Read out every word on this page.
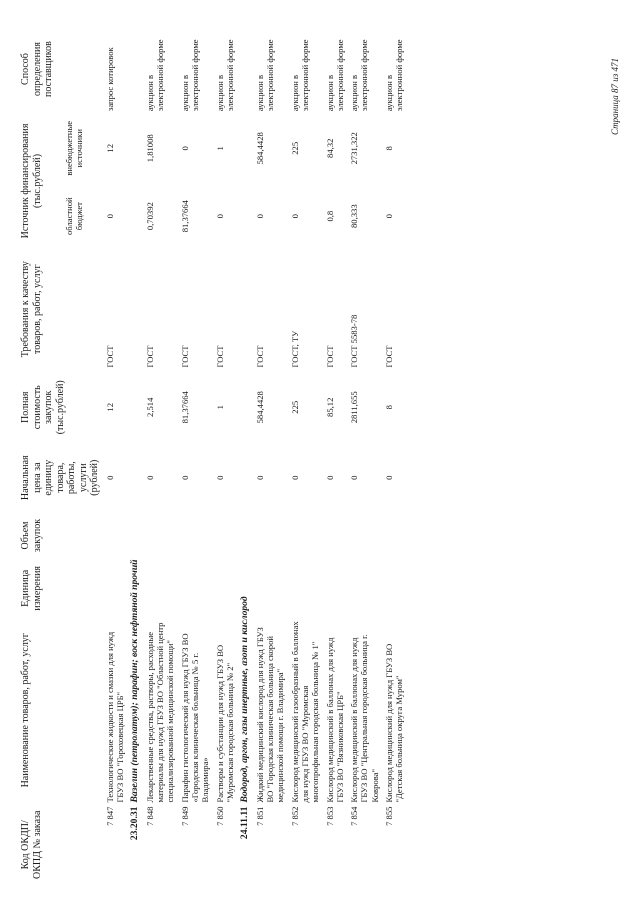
Код ОКДП/ ОКПД № заказа	Наименование товаров, работ, услуг	Единица измерения	Объем закупок	Начальная цена за единицу товара, работы, услуги (рублей)	Полная стоимость закупок (тыс.рублей)	Требования к качеству товаров, работ, услуг	Источник финансирования (тыс.рублей)		Способ определения поставщиков
							областной бюджет	внебюджетные источники	
7 847	Технологические жидкости и смазки для нужд ГБУЗ ВО "Гороховецкая ЦРБ"			0	12	ГОСТ	0	12	запрос котировок
23.20.31	Вазелин (петролатум); парафин; воск нефтяной прочий								
7 848	Лекарственные средства, растворы, расходные материалы для нужд ГБУЗ ВО "Областной центр специализированной медицинской помощи"			0	2,514	ГОСТ	0,70392	1,81008	аукцион в электронной форме
7 849	Парафин гистологический для нужд ГБУЗ ВО «Городская клиническая больница № 5 г. Владимира»			0	81,37664	ГОСТ	81,37664	0	аукцион в электронной форме
7 850	Растворы и субстанции для нужд ГБУЗ ВО "Муромская городская больница № 2"			0	1	ГОСТ	0	1	аукцион в электронной форме
24.11.11	Водород, аргон, газы инертные, азот и кислород								
7 851	Жидкий медицинский кислород для нужд ГБУЗ ВО "Городская клиническая больница скорой медицинской помощи г. Владимира"			0	584,4428	ГОСТ	0	584,4428	аукцион в электронной форме
7 852	Кислород медицинский газообразный в баллонах для нужд ГБУЗ ВО "Муромская многопрофильная городская больница № 1"			0	225	ГОСТ, ТУ	0	225	аукцион в электронной форме
7 853	Кислород медицинский в баллонах для нужд ГБУЗ ВО "Вязниковская ЦРБ"			0	85,12	ГОСТ	0,8	84,32	аукцион в электронной форме
7 854	Кислород медицинский в баллонах для нужд ГБУЗ ВО "Центральная городская больница г. Коврова"			0	2811,655	ГОСТ 5583-78	80,333	2731,322	аукцион в электронной форме
7 855	Кислород медицинский для нужд ГБУЗ ВО "Детская больница округа Муром"			0	8	ГОСТ	0	8	аукцион в электронной форме	Страница 87 из 471
